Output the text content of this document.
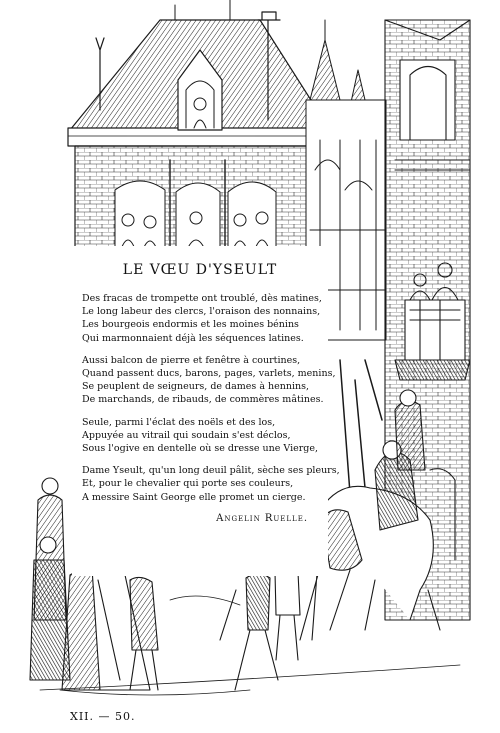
LE VŒU D'YSEULT
Des fracas de trompette ont troublé, dès matines,
Le long labeur des clercs, l'oraison des nonnains,
Les bourgeois endormis et les moines bénins
Qui marmonnaient déjà les séquences latines.
Aussi balcon de pierre et fenêtre à courtines,
Quand passent ducs, barons, pages, varlets, menins,
Se peuplent de seigneurs, de dames à hennins,
De marchands, de ribauds, de commères mâtines.
Seule, parmi l'éclat des noëls et des los,
Appuyée au vitrail qui soudain s'est déclos,
Sous l'ogive en dentelle où se dresse une Vierge,
Dame Yseult, qu'un long deuil pâlit, sèche ses pleurs,
Et, pour le chevalier qui porte ses couleurs,
A messire Saint George elle promet un cierge.
Angelin Ruelle.
XII. — 50.
